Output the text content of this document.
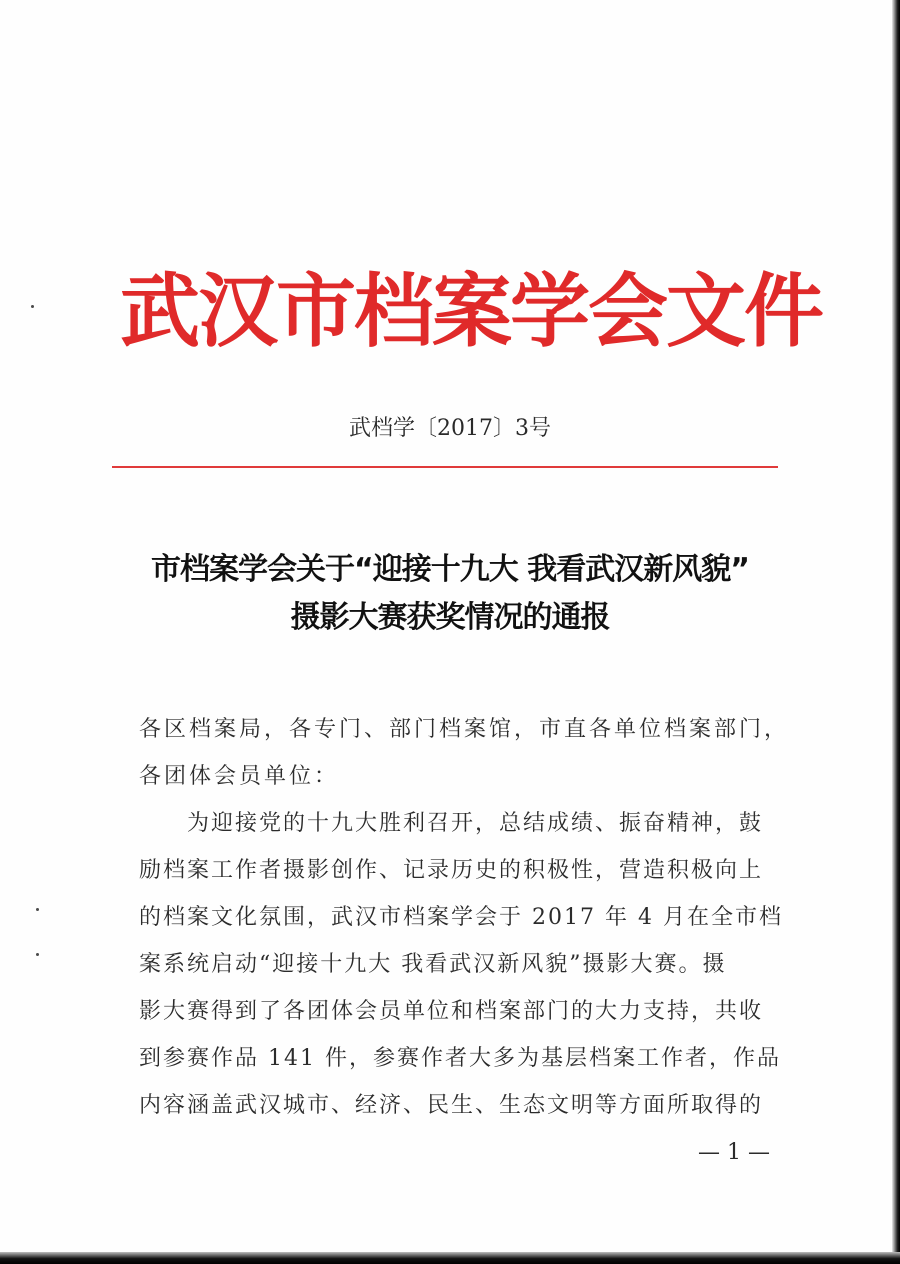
武汉市档案学会文件
武档学〔2017〕3号
市档案学会关于“迎接十九大 我看武汉新风貌”
摄影大赛获奖情况的通报
各区档案局，各专门、部门档案馆，市直各单位档案部门，
各团体会员单位：
为迎接党的十九大胜利召开，总结成绩、振奋精神，鼓
励档案工作者摄影创作、记录历史的积极性，营造积极向上
的档案文化氛围，武汉市档案学会于 2017 年 4 月在全市档
案系统启动“迎接十九大 我看武汉新风貌”摄影大赛。摄
影大赛得到了各团体会员单位和档案部门的大力支持，共收
到参赛作品 141 件，参赛作者大多为基层档案工作者，作品
内容涵盖武汉城市、经济、民生、生态文明等方面所取得的
— 1 —
